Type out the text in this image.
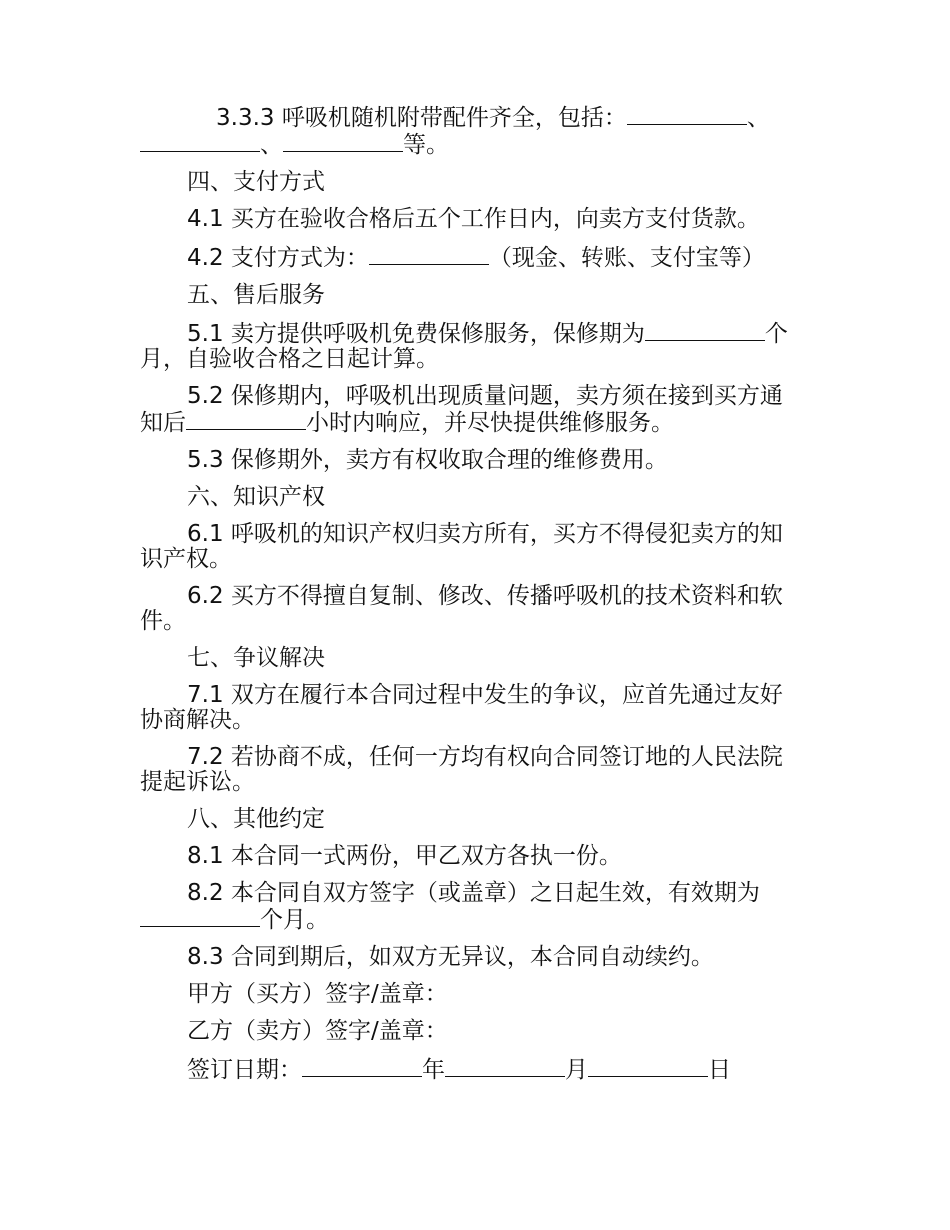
3.3.3 呼吸机随机附带配件齐全，包括：	、、	等。

四、支付方式

4.1 买方在验收合格后五个工作日内，向卖方支付货款。

4.2 支付方式为：	（现金、转账、支付宝等）

五、售后服务

5.1 卖方提供呼吸机免费保修服务，保修期为	个月，自验收合格之日起计算。

5.2 保修期内，呼吸机出现质量问题，卖方须在接到买方通知后	小时内响应，并尽快提供维修服务。

5.3 保修期外，卖方有权收取合理的维修费用。

六、知识产权

6.1 呼吸机的知识产权归卖方所有，买方不得侵犯卖方的知识产权。

6.2 买方不得擅自复制、修改、传播呼吸机的技术资料和软件。

七、争议解决

7.1 双方在履行本合同过程中发生的争议，应首先通过友好协商解决。

7.2 若协商不成，任何一方均有权向合同签订地的人民法院提起诉讼。

八、其他约定

8.1 本合同一式两份，甲乙双方各执一份。

8.2 本合同自双方签字（或盖章）之日起生效，有效期为个月。

8.3 合同到期后，如双方无异议，本合同自动续约。

甲方（买方）签字/盖章：

乙方（卖方）签字/盖章：

签订日期：	年	月	日
